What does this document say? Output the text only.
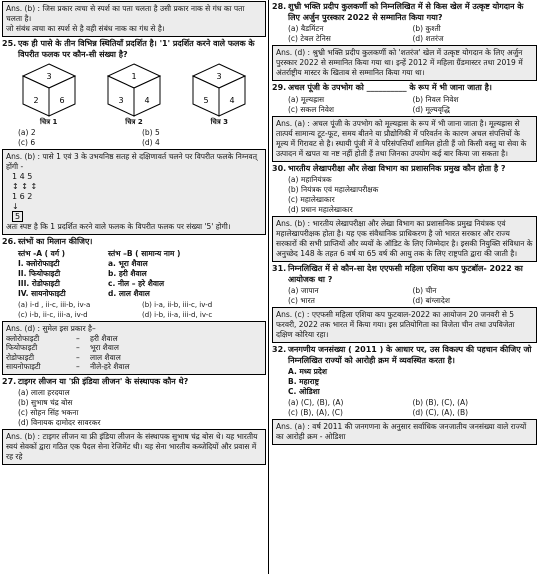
Ans. (b) : जिस प्रकार त्वचा से स्पर्श का पता चलता है उसी प्रकार नाक से गंध का पता चलता है।
जो संबंध त्वचा का स्पर्श से है वही संबंध नाक का गंध से है।
25. एक ही पासे के तीन विभिन्न स्थितियाँ प्रदर्शित है। '1' प्रदर्शित करने वाले फलक के विपरीत फलक पर कौन-सी संख्या है?
3
2	6
चित्र 1
1
3	4
चित्र 2
3
5	4
चित्र 3
(a) 2	(b) 5
(c) 6	(d) 4
Ans. (b) : पासे 1 एवं 3 के उभयनिष्ठ सतह से दक्षिणावर्त चलने पर विपरीत फलके निम्नवत् होंगी -
1 4 5
↕ ↕ ↕
1 6 2
↓
5
अतः स्पष्ट है कि 1 प्रदर्शित करने वाले फलक के विपरीत फलक पर संख्या '5' होगी।
26. स्तंभों का मिलान कीजिए।
स्तंभ -A ( वर्ग )	स्तंभ –B ( सामान्य नाम )
I. क्लोरोफाइटी	a. भूरा शैवाल
II. फियोफाइटी	b. हरी शैवाल
III. रोडोफाइटी	c. नील – हरे शैवाल
IV. सायनोफाइटी	d. लाल शैवाल
(a) i-d , ii-c, iii-b, iv-a	(b) i-a, ii-b, iii-c, iv-d
(c) i-b, ii-c, iii-a, iv-d	(d) i-b, ii-a, iii-d, iv-c
Ans. (d) : सुमेल इस प्रकार है–
क्लोरोफाइटी	–	हरी शैवाल
फियोफाइटी	–	भूरा शैवाल
रोडोफाइटी	–	लाल शैवाल
सायनोफाइटी	–	नीले-हरे शैवाल
27. टाइगर लीजन या 'फ्री इंडिया लीजन' के संस्थापक कौन थे?
(a) लाला हरदयाल
(b) सुभाष चंद्र बोस
(c) सोहन सिंह भकना
(d) विनायक दामोदर सावरकर
Ans. (b) : टाइगर लीजन या फ्री इंडिया लीजन के संस्थापक सुभाष चंद्र बोस थे। यह भारतीय स्वयं सेवकों द्वारा गठित एक पैदल सेना रेजिमेंट थी। यह सेना भारतीय कब्जेदियों और प्रवास में रह रहे
28. शुभ्री भक्ति प्रदीप कुलकर्णी को निम्नलिखित में से किस खेल में उत्कृष्ट योगदान के लिए अर्जुन पुरस्कार 2022 से सम्मानित किया गया?
(a) बैडमिंटन	(b) कुश्ती
(c) टेबल टेनिस	(d) शतरंज
Ans. (d) : श्रुभ्री भक्ति प्रदीप कुलकर्णी को 'शतरंज' खेल में उत्कृष्ट योगदान के लिए अर्जुन पुरस्कार 2022 से सम्मानित किया गया था। इन्हें 2012 में महिला ग्रैंडमास्टर तथा 2019 में अंतर्राष्ट्रीय मास्टर के खिताब से सम्मानित किया गया था।
29. अचल पूंजी के उपभोग को __________ के रूप में भी जाना जाता है।
(a) मूल्यह्रास	(b) निवल निवेश
(c) सकल निवेश	(d) मूल्यवृद्धि
Ans. (a) : अचल पूंजी के उपभोग को मूल्यह्रास के रूप में भी जाना जाता है। मूल्यह्रास से तात्पर्य सामान्य टूट-फूट, समय बीतने या प्रौद्योगिकी में परिवर्तन के कारण अचल संपत्तियों के मूल्य में गिरावट से है। स्थायी पूंजी में वे परिसंपत्तियाँ शामिल होती हैं जो किसी वस्तु या सेवा के उत्पादन में खपत या नष्ट नहीं होती हैं तथा जिनका उपयोग कई बार किया जा सकता है।
30. भारतीय लेखापरीक्षा और लेखा विभाग का प्रशासनिक प्रमुख कौन होता है ?
(a) महानियंत्रक
(b) नियंत्रक एवं महालेखापरीक्षक
(c) महालेखाकार
(d) प्रधान महालेखाकार
Ans. (b) : भारतीय लेखापरीक्षा और लेखा विभाग का प्रशासनिक प्रमुख नियंत्रक एवं महालेखापरीक्षक होता है। यह एक संवैधानिक प्राधिकरण है जो भारत सरकार और राज्य सरकारों की सभी प्राप्तियों और व्ययों के ऑडिट के लिए जिम्मेदार है। इसकी नियुक्ति संविधान के अनुच्छेद 148 के तहत 6 वर्ष या 65 वर्ष की आयु तक के लिए राष्ट्रपति द्वारा की जाती है।
31. निम्नलिखित में से कौन-सा देश एएफसी महिला एशिया कप फुटबॉल- 2022 का आयोजक था ?
(a) जापान	(b) चीन
(c) भारत	(d) बांग्लादेश
Ans. (c) : एएफसी महिला एशिया कप फुटबाल-2022 का आयोजन 20 जनवरी से 5 फरवरी, 2022 तक भारत में किया गया। इस प्रतियोगिता का विजेता चीन तथा उपविजेता दक्षिण कोरिया रहा।
32. जनगणीय जनसंख्या ( 2011 ) के आधार पर, उस विकल्प की पहचान कीजिए जो निम्नलिखित राज्यों को आरोही क्रम में व्यवस्थित करता है।
A. मध्य प्रदेश
B. महाराष्ट्र
C. ओडिशा
(a) (C), (B), (A)	(b) (B), (C), (A)
(c) (B), (A), (C)	(d) (C), (A), (B)
Ans. (a) : वर्ष 2011 की जनगणना के अनुसार सर्वाधिक जनजातीय जनसंख्या वाले राज्यों का आरोही क्रम - ओडिशा
